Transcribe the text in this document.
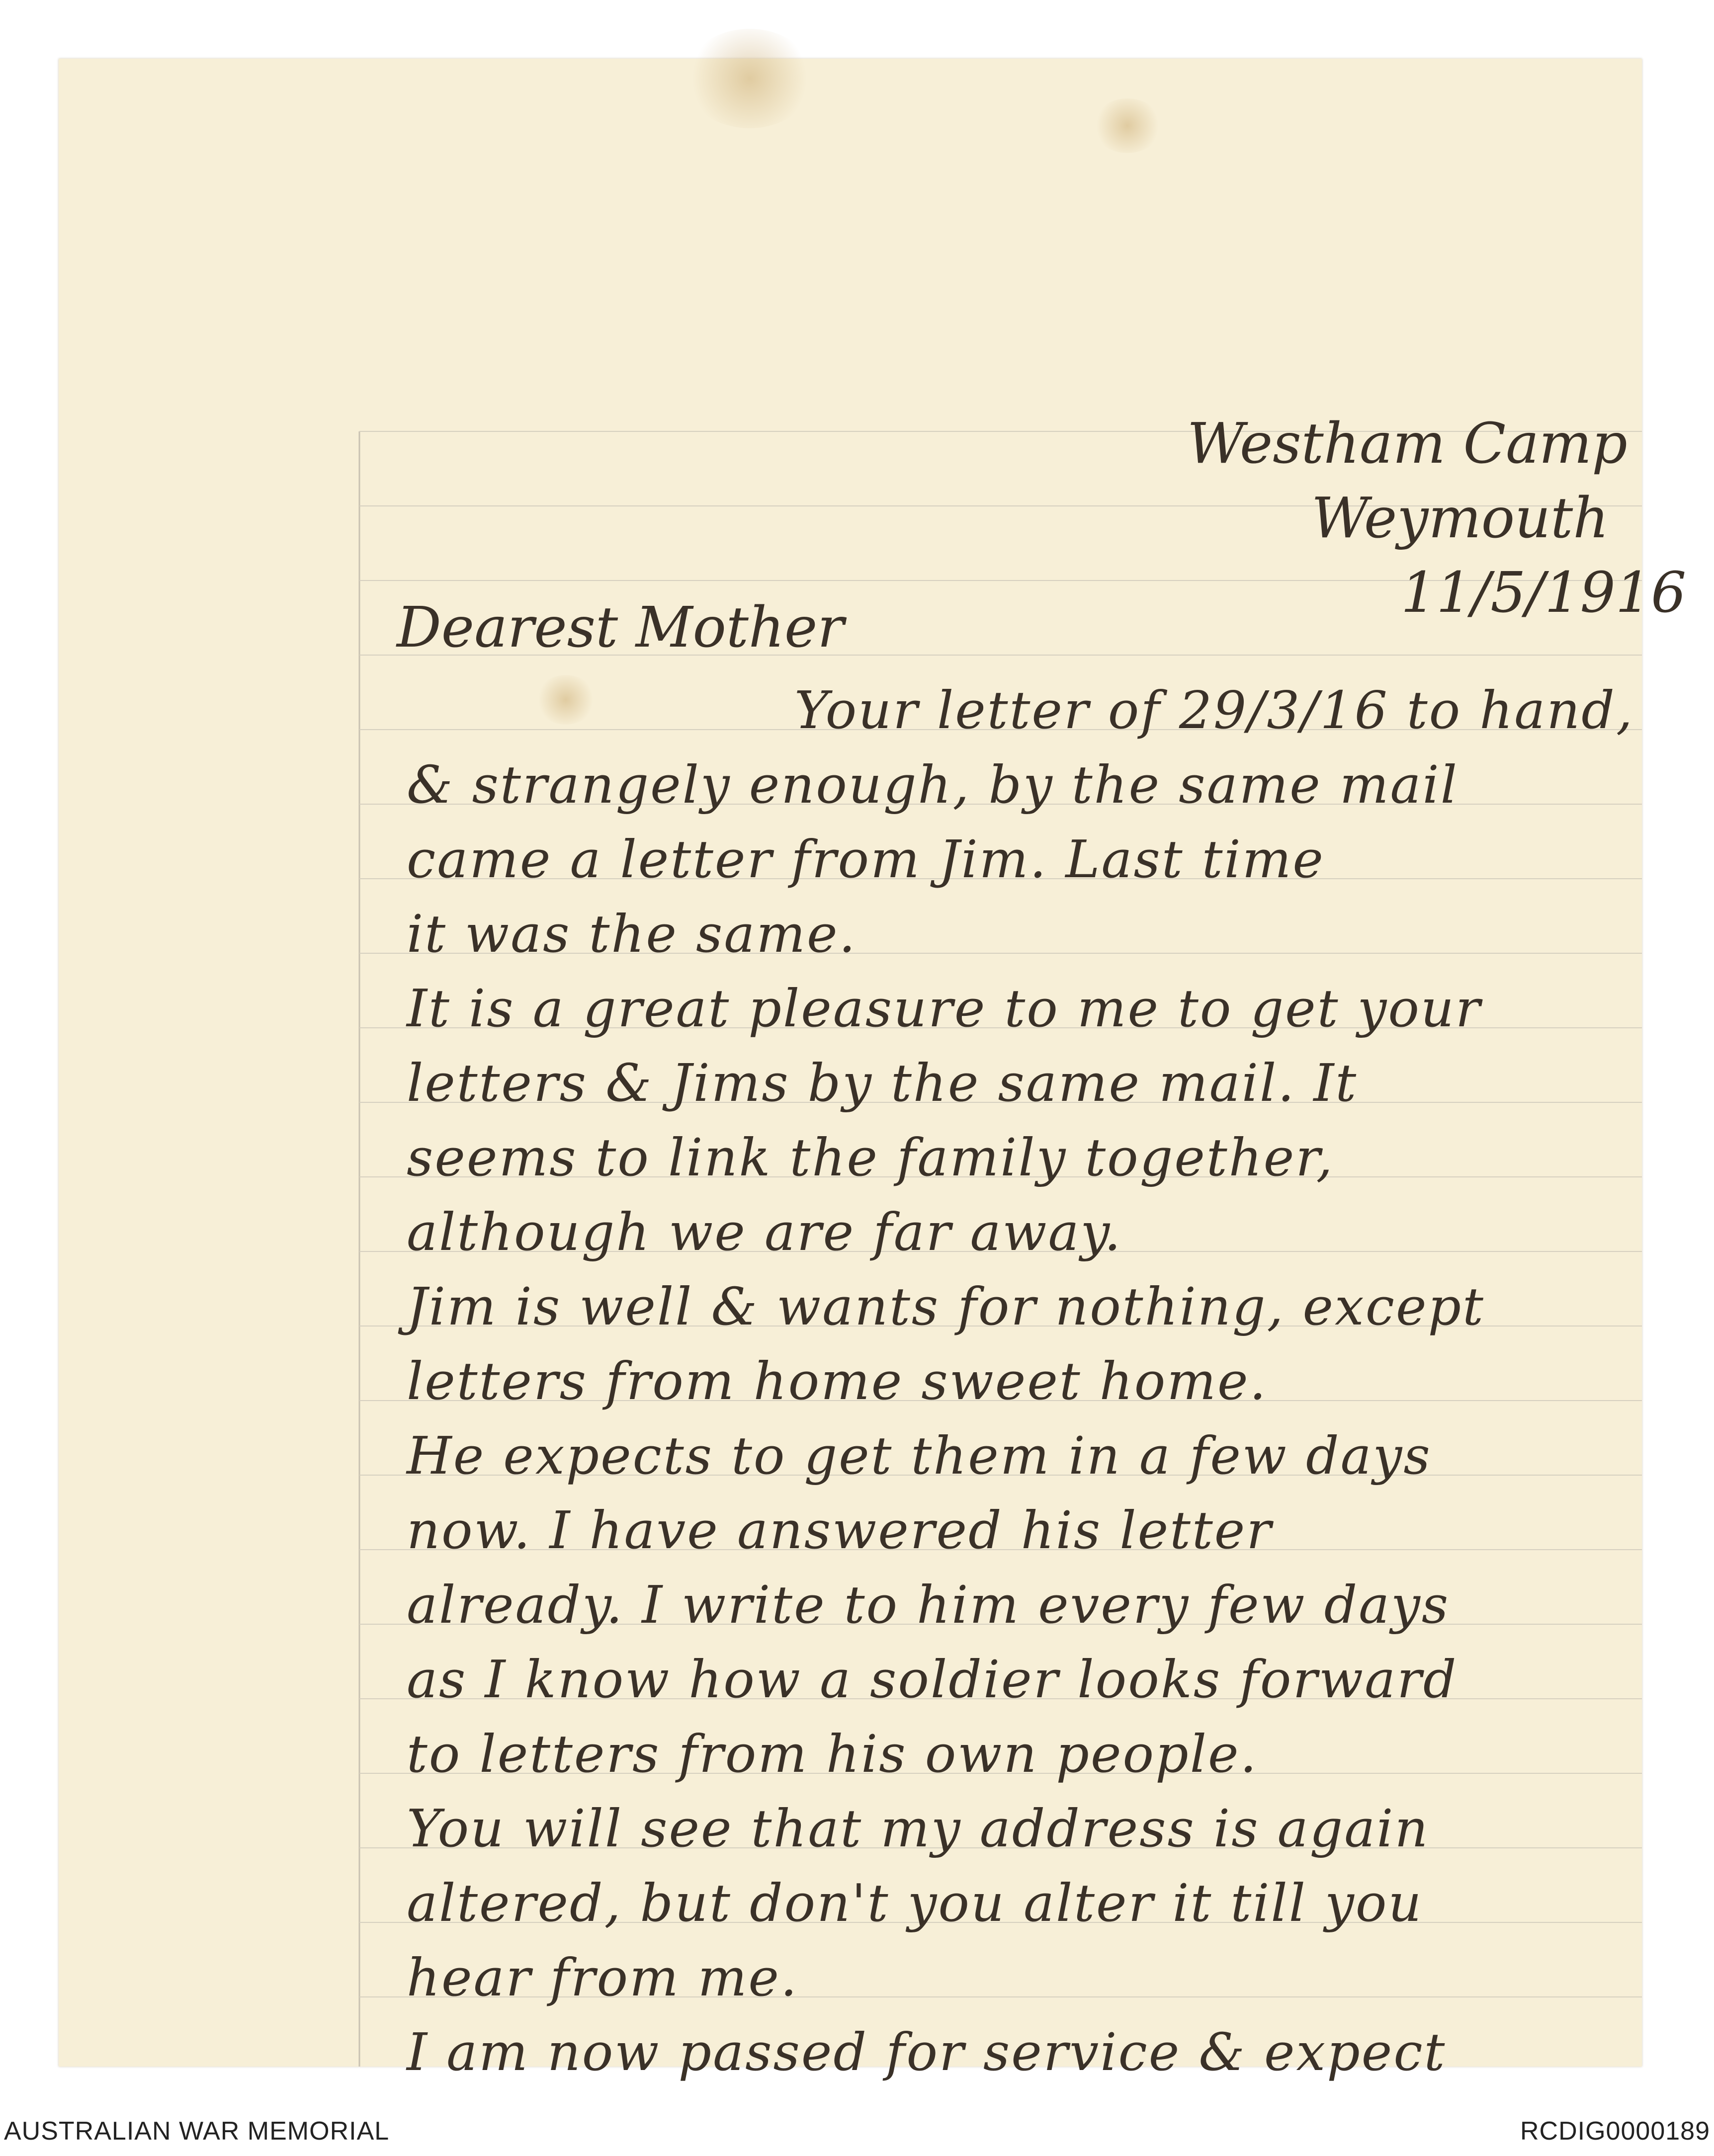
Westham Camp
Weymouth
11/5/1916
Dearest Mother
Your letter of 29/3/16 to hand,
& strangely enough, by the same mail
came a letter from Jim. Last time
it was the same.
It is a great pleasure to me to get your
letters & Jims by the same mail. It
seems to link the family together,
although we are far away.
Jim is well & wants for nothing, except
letters from home sweet home.
He expects to get them in a few days
now. I have answered his letter
already. I write to him every few days
as I know how a soldier looks forward
to letters from his own people.
You will see that my address is again
altered, but don't you alter it till you
hear from me.
I am now passed for service & expect
AUSTRALIAN WAR MEMORIAL	RCDIG0000189
